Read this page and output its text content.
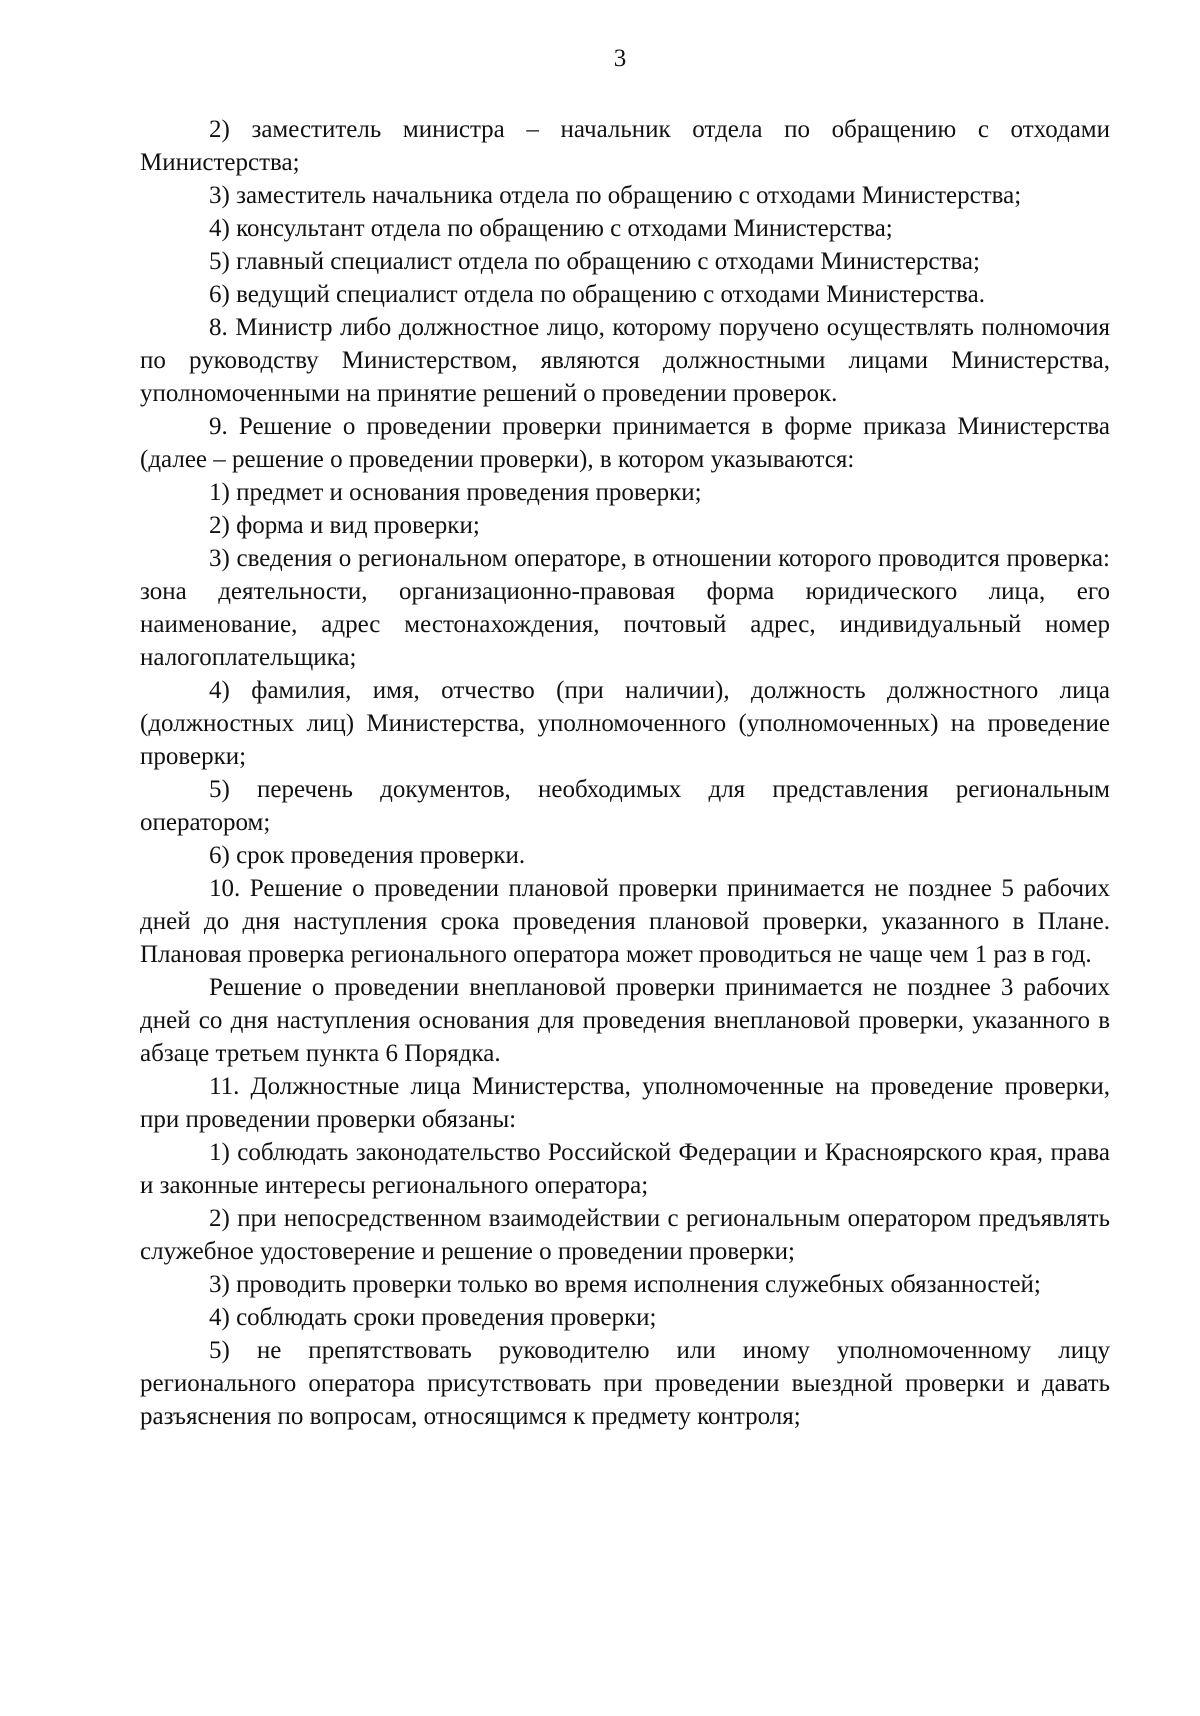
3

2) заместитель министра – начальник отдела по обращению с отходами Министерства;

3) заместитель начальника отдела по обращению с отходами Министерства;

4) консультант отдела по обращению с отходами Министерства;

5) главный специалист отдела по обращению с отходами Министерства;

6) ведущий специалист отдела по обращению с отходами Министерства.

8. Министр либо должностное лицо, которому поручено осуществлять полномочия по руководству Министерством, являются должностными лицами Министерства, уполномоченными на принятие решений о проведении проверок.

9. Решение о проведении проверки принимается в форме приказа Министерства (далее – решение о проведении проверки), в котором указываются:

1) предмет и основания проведения проверки;

2) форма и вид проверки;

3) сведения о региональном операторе, в отношении которого проводится проверка: зона деятельности, организационно-правовая форма юридического лица, его наименование, адрес местонахождения, почтовый адрес, индивидуальный номер налогоплательщика;

4) фамилия, имя, отчество (при наличии), должность должностного лица (должностных лиц) Министерства, уполномоченного (уполномоченных) на проведение проверки;

5) перечень документов, необходимых для представления региональным оператором;

6) срок проведения проверки.

10. Решение о проведении плановой проверки принимается не позднее 5 рабочих дней до дня наступления срока проведения плановой проверки, указанного в Плане. Плановая проверка регионального оператора может проводиться не чаще чем 1 раз в год.

Решение о проведении внеплановой проверки принимается не позднее 3 рабочих дней со дня наступления основания для проведения внеплановой проверки, указанного в абзаце третьем пункта 6 Порядка.

11. Должностные лица Министерства, уполномоченные на проведение проверки, при проведении проверки обязаны:

1) соблюдать законодательство Российской Федерации и Красноярского края, права и законные интересы регионального оператора;

2) при непосредственном взаимодействии с региональным оператором предъявлять служебное удостоверение и решение о проведении проверки;

3) проводить проверки только во время исполнения служебных обязанностей;

4) соблюдать сроки проведения проверки;

5) не препятствовать руководителю или иному уполномоченному лицу регионального оператора присутствовать при проведении выездной проверки и давать разъяснения по вопросам, относящимся к предмету контроля;
